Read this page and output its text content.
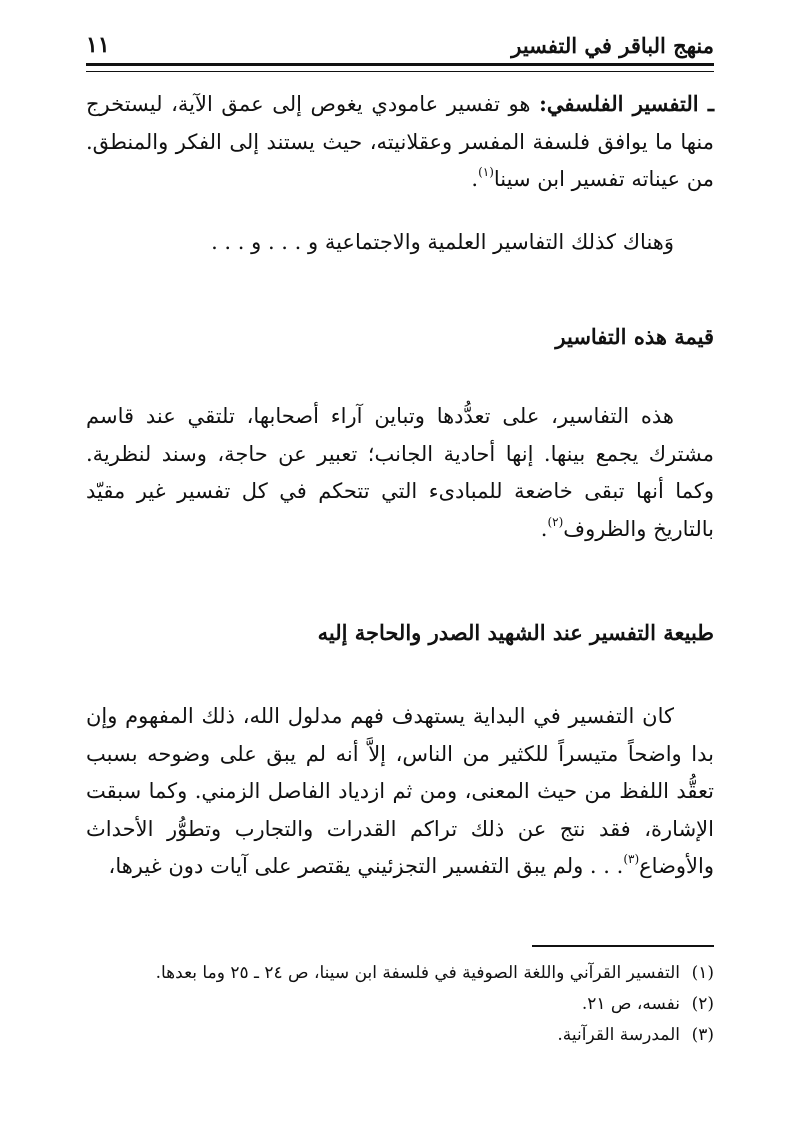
منهج الباقر في التفسير
١١

ـ التفسير الفلسفي: هو تفسير عامودي يغوص إلى عمق الآية، ليستخرج منها ما يوافق فلسفة المفسر وعقلانيته، حيث يستند إلى الفكر والمنطق. من عيناته تفسير ابن سينا$^{(١)}$.

وَهناك كذلك التفاسير العلمية والاجتماعية و . . . و . . .

قيمة هذه التفاسير

هذه التفاسير، على تعدُّدها وتباين آراء أصحابها، تلتقي عند قاسم مشترك يجمع بينها. إنها أحادية الجانب؛ تعبير عن حاجة، وسند لنظرية. وكما أنها تبقى خاضعة للمبادىء التي تتحكم في كل تفسير غير مقيّد بالتاريخ والظروف$^{(٢)}$.

طبيعة التفسير عند الشهيد الصدر والحاجة إليه

كان التفسير في البداية يستهدف فهم مدلول الله، ذلك المفهوم وإن بدا واضحاً متيسراً للكثير من الناس، إلاَّ أنه لم يبق على وضوحه بسبب تعقُّد اللفظ من حيث المعنى، ومن ثم ازدياد الفاصل الزمني. وكما سبقت الإشارة، فقد نتج عن ذلك تراكم القدرات والتجارب وتطوُّر الأحداث والأوضاع$^{(٣)}$. . . ولم يبق التفسير التجزئيني يقتصر على آيات دون غيرها،

(١)
التفسير القرآني واللغة الصوفية في فلسفة ابن سينا، ص ٢٤ ـ ٢٥ وما بعدها.
(٢)
نفسه، ص ٢١.
(٣)
المدرسة القرآنية.
